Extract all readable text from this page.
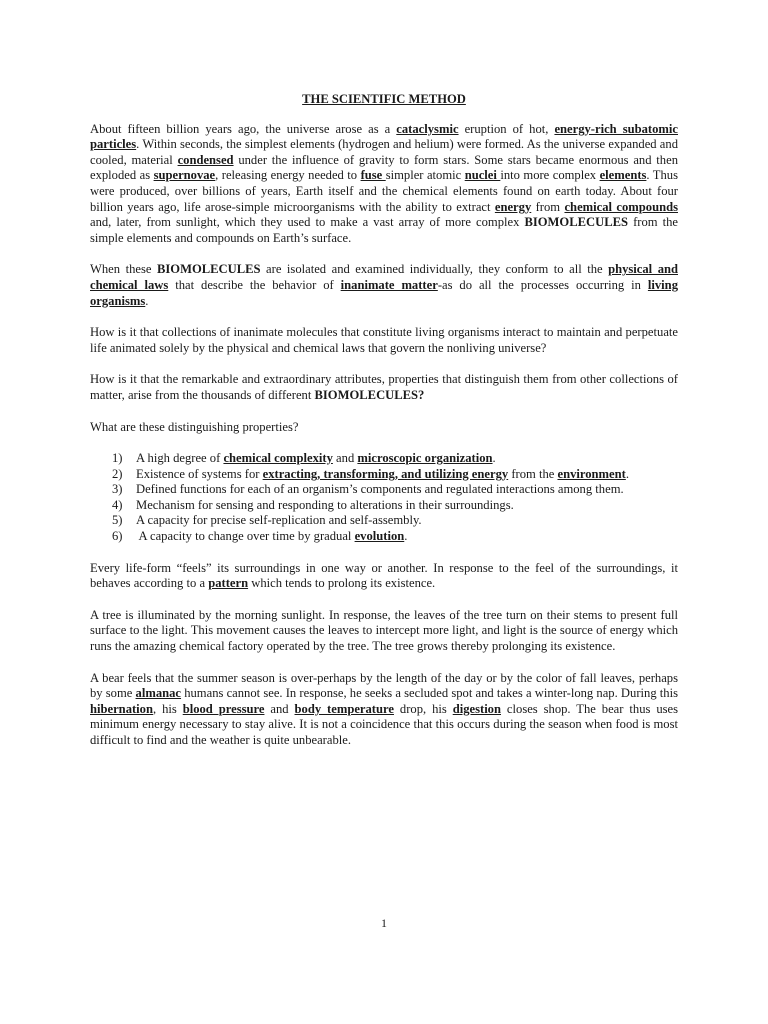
THE SCIENTIFIC METHOD

About fifteen billion years ago, the universe arose as a cataclysmic eruption of hot, energy-rich subatomic particles. Within seconds, the simplest elements (hydrogen and helium) were formed. As the universe expanded and cooled, material condensed under the influence of gravity to form stars. Some stars became enormous and then exploded as supernovae, releasing energy needed to fuse simpler atomic nuclei into more complex elements. Thus were produced, over billions of years, Earth itself and the chemical elements found on earth today. About four billion years ago, life arose-simple microorganisms with the ability to extract energy from chemical compounds and, later, from sunlight, which they used to make a vast array of more complex BIOMOLECULES from the simple elements and compounds on Earth’s surface.

When these BIOMOLECULES are isolated and examined individually, they conform to all the physical and chemical laws that describe the behavior of inanimate matter-as do all the processes occurring in living organisms.

How is it that collections of inanimate molecules that constitute living organisms interact to maintain and perpetuate life animated solely by the physical and chemical laws that govern the nonliving universe?

How is it that the remarkable and extraordinary attributes, properties that distinguish them from other collections of matter, arise from the thousands of different BIOMOLECULES?

What are these distinguishing properties?

1)	A high degree of chemical complexity and microscopic organization.
2)	Existence of systems for extracting, transforming, and utilizing energy from the environment.
3)	Defined functions for each of an organism’s components and regulated interactions among them.
4)	Mechanism for sensing and responding to alterations in their surroundings.
5)	A capacity for precise self-replication and self-assembly.
6)	A capacity to change over time by gradual evolution.

Every life-form “feels” its surroundings in one way or another. In response to the feel of the surroundings, it behaves according to a pattern which tends to prolong its existence.

A tree is illuminated by the morning sunlight. In response, the leaves of the tree turn on their stems to present full surface to the light. This movement causes the leaves to intercept more light, and light is the source of energy which runs the amazing chemical factory operated by the tree. The tree grows thereby prolonging its existence.

A bear feels that the summer season is over-perhaps by the length of the day or by the color of fall leaves, perhaps by some almanac humans cannot see. In response, he seeks a secluded spot and takes a winter-long nap. During this hibernation, his blood pressure and body temperature drop, his digestion closes shop. The bear thus uses minimum energy necessary to stay alive. It is not a coincidence that this occurs during the season when food is most difficult to find and the weather is quite unbearable.

1
